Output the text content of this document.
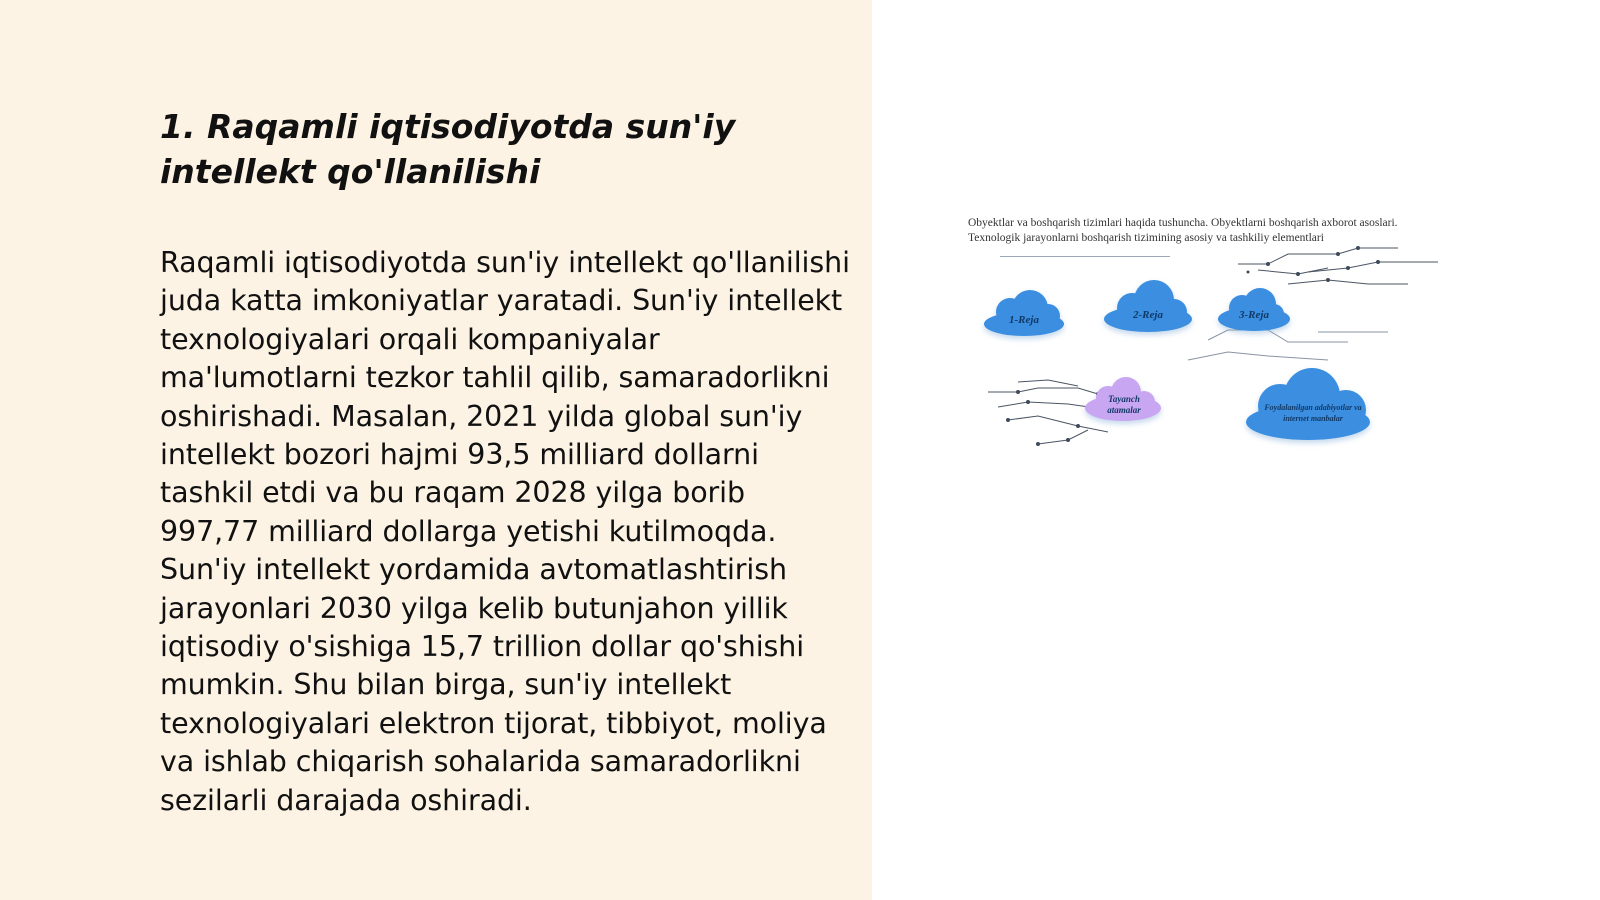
1. Raqamli iqtisodiyotda sun'iy intellekt qo'llanilishi

Raqamli iqtisodiyotda sun'iy intellekt qo'llanilishi juda katta imkoniyatlar yaratadi. Sun'iy intellekt texnologiyalari orqali kompaniyalar ma'lumotlarni tezkor tahlil qilib, samaradorlikni oshirishadi. Masalan, 2021 yilda global sun'iy intellekt bozori hajmi 93,5 milliard dollarni tashkil etdi va bu raqam 2028 yilga borib 997,77 milliard dollarga yetishi kutilmoqda. Sun'iy intellekt yordamida avtomatlashtirish jarayonlari 2030 yilga kelib butunjahon yillik iqtisodiy o'sishiga 15,7 trillion dollar qo'shishi mumkin. Shu bilan birga, sun'iy intellekt texnologiyalari elektron tijorat, tibbiyot, moliya va ishlab chiqarish sohalarida samaradorlikni sezilarli darajada oshiradi.

Obyektlar va boshqarish tizimlari haqida tushuncha. Obyektlarni boshqarish axborot asoslari. Texnologik jarayonlarni boshqarish tizimining asosiy va tashkiliy elementlari
1-Reja	2-Reja	3-Reja
Tayanch atamalar	Foydalanilgan adabiyotlar va internet manbalar
